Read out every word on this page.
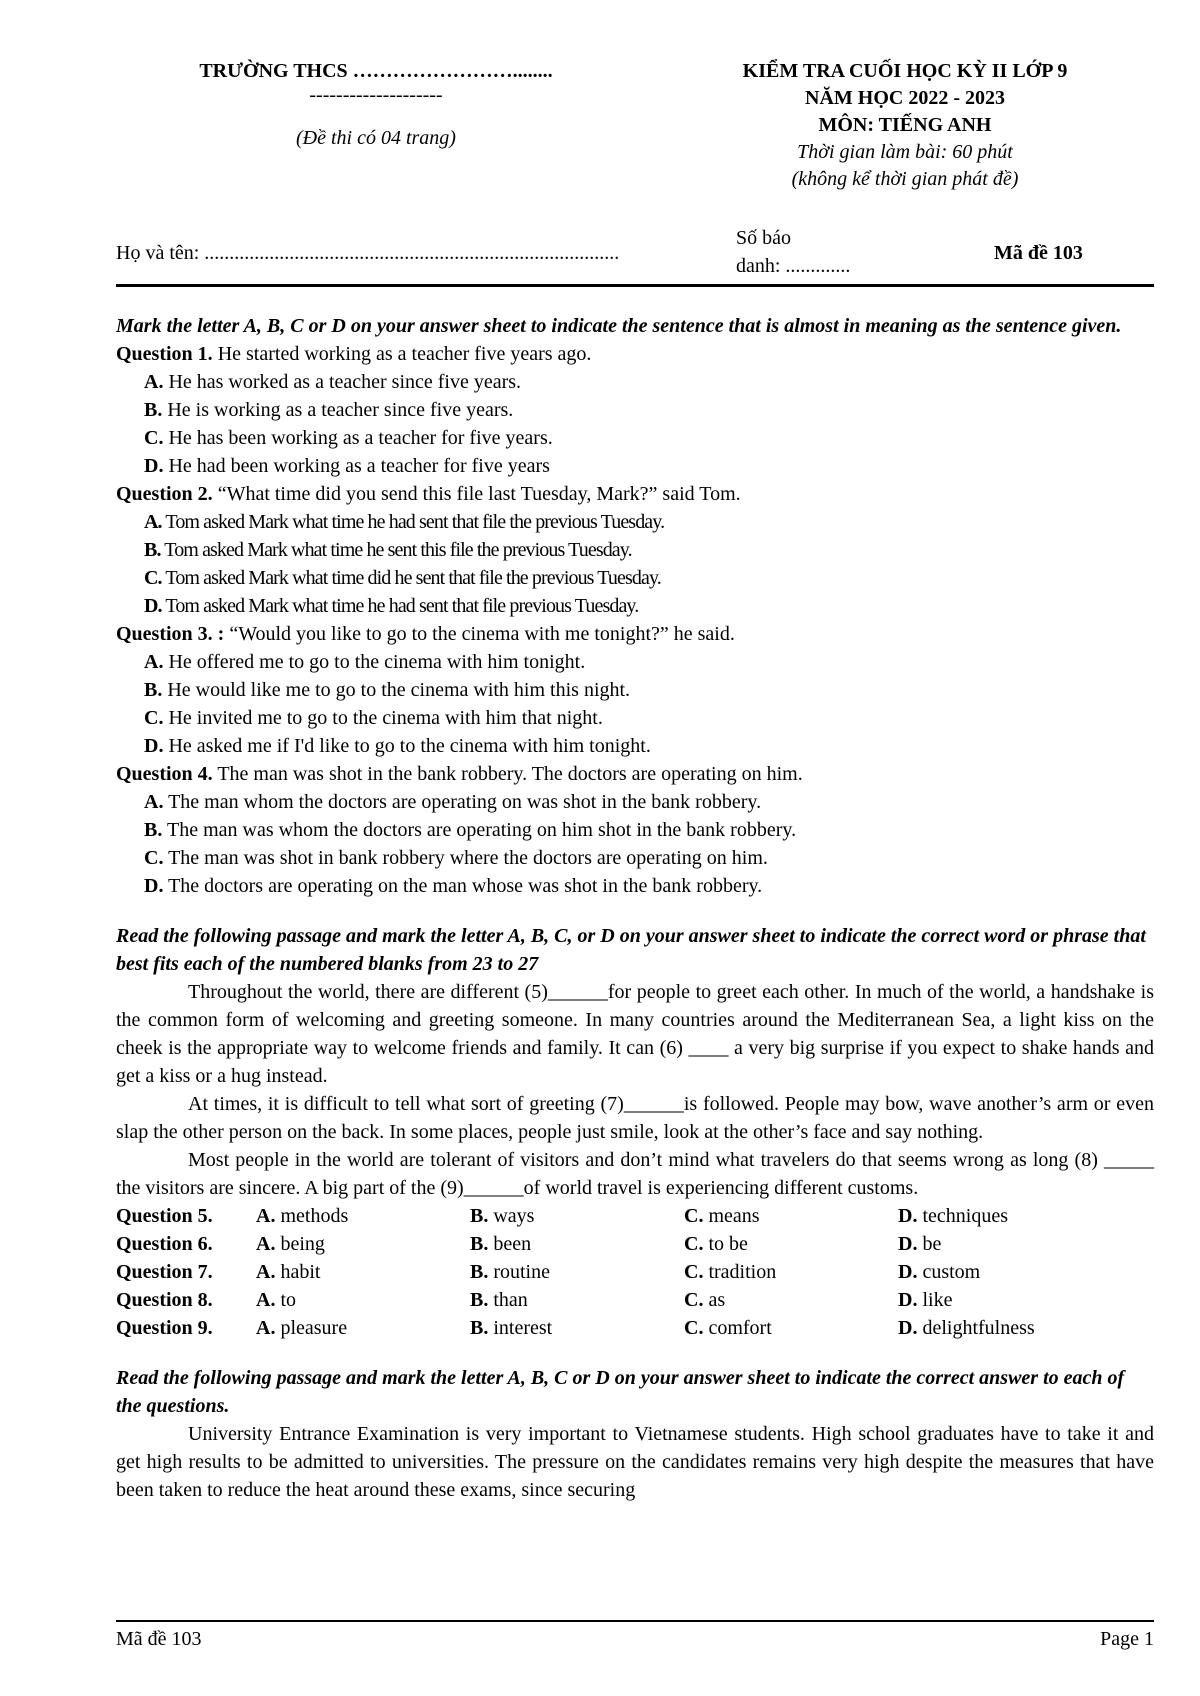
TRƯỜNG THCS ……………………........
--------------------
(Đề thi có 04 trang)
KIỂM TRA CUỐI HỌC KỲ II LỚP 9
NĂM HỌC 2022 - 2023
MÔN: TIẾNG ANH
Thời gian làm bài: 60 phút
(không kể thời gian phát đề)
Họ và tên: ...................................................................................
Số báo
danh: .............
Mã đề 103
Mark the letter A, B, C or D on your answer sheet to indicate the sentence that is almost in meaning as the sentence given.

Question 1. He started working as a teacher five years ago.

A. He has worked as a teacher since five years.

B. He is working as a teacher since five years.

C. He has been working as a teacher for five years.

D. He had been working as a teacher for five years

Question 2. “What time did you send this file last Tuesday, Mark?” said Tom.

A. Tom asked Mark what time he had sent that file the previous Tuesday.

B. Tom asked Mark what time he sent this file the previous Tuesday.

C. Tom asked Mark what time did he sent that file the previous Tuesday.

D. Tom asked Mark what time he had sent that file previous Tuesday.

Question 3. : “Would you like to go to the cinema with me tonight?” he said.

A. He offered me to go to the cinema with him tonight.

B. He would like me to go to the cinema with him this night.

C. He invited me to go to the cinema with him that night.

D. He asked me if I'd like to go to the cinema with him tonight.

Question 4. The man was shot in the bank robbery. The doctors are operating on him.

A. The man whom the doctors are operating on was shot in the bank robbery.

B. The man was whom the doctors are operating on him shot in the bank robbery.

C. The man was shot in bank robbery where the doctors are operating on him.

D. The doctors are operating on the man whose was shot in the bank robbery.

Read the following passage and mark the letter A, B, C, or D on your answer sheet to indicate the correct word or phrase that best fits each of the numbered blanks from 23 to 27

Throughout the world, there are different (5)______for people to greet each other. In much of the world, a handshake is the common form of welcoming and greeting someone. In many countries around the Mediterranean Sea, a light kiss on the cheek is the appropriate way to welcome friends and family. It can (6) ____ a very big surprise if you expect to shake hands and get a kiss or a hug instead.

At times, it is difficult to tell what sort of greeting (7)______is followed. People may bow, wave another’s arm or even slap the other person on the back. In some places, people just smile, look at the other’s face and say nothing.

Most people in the world are tolerant of visitors and don’t mind what travelers do that seems wrong as long (8) _____ the visitors are sincere. A big part of the (9)______of world travel is experiencing different customs.

Question 5.	A. methods	B. ways	C. means	D. techniques
Question 6.	A. being	B. been	C. to be	D. be
Question 7.	A. habit	B. routine	C. tradition	D. custom
Question 8.	A. to	B. than	C. as	D. like
Question 9.	A. pleasure	B. interest	C. comfort	D. delightfulness
Read the following passage and mark the letter A, B, C or D on your answer sheet to indicate the correct answer to each of the questions.

University Entrance Examination is very important to Vietnamese students. High school graduates have to take it and get high results to be admitted to universities. The pressure on the candidates remains very high despite the measures that have been taken to reduce the heat around these exams, since securing

Mã đề 103	Page 1
